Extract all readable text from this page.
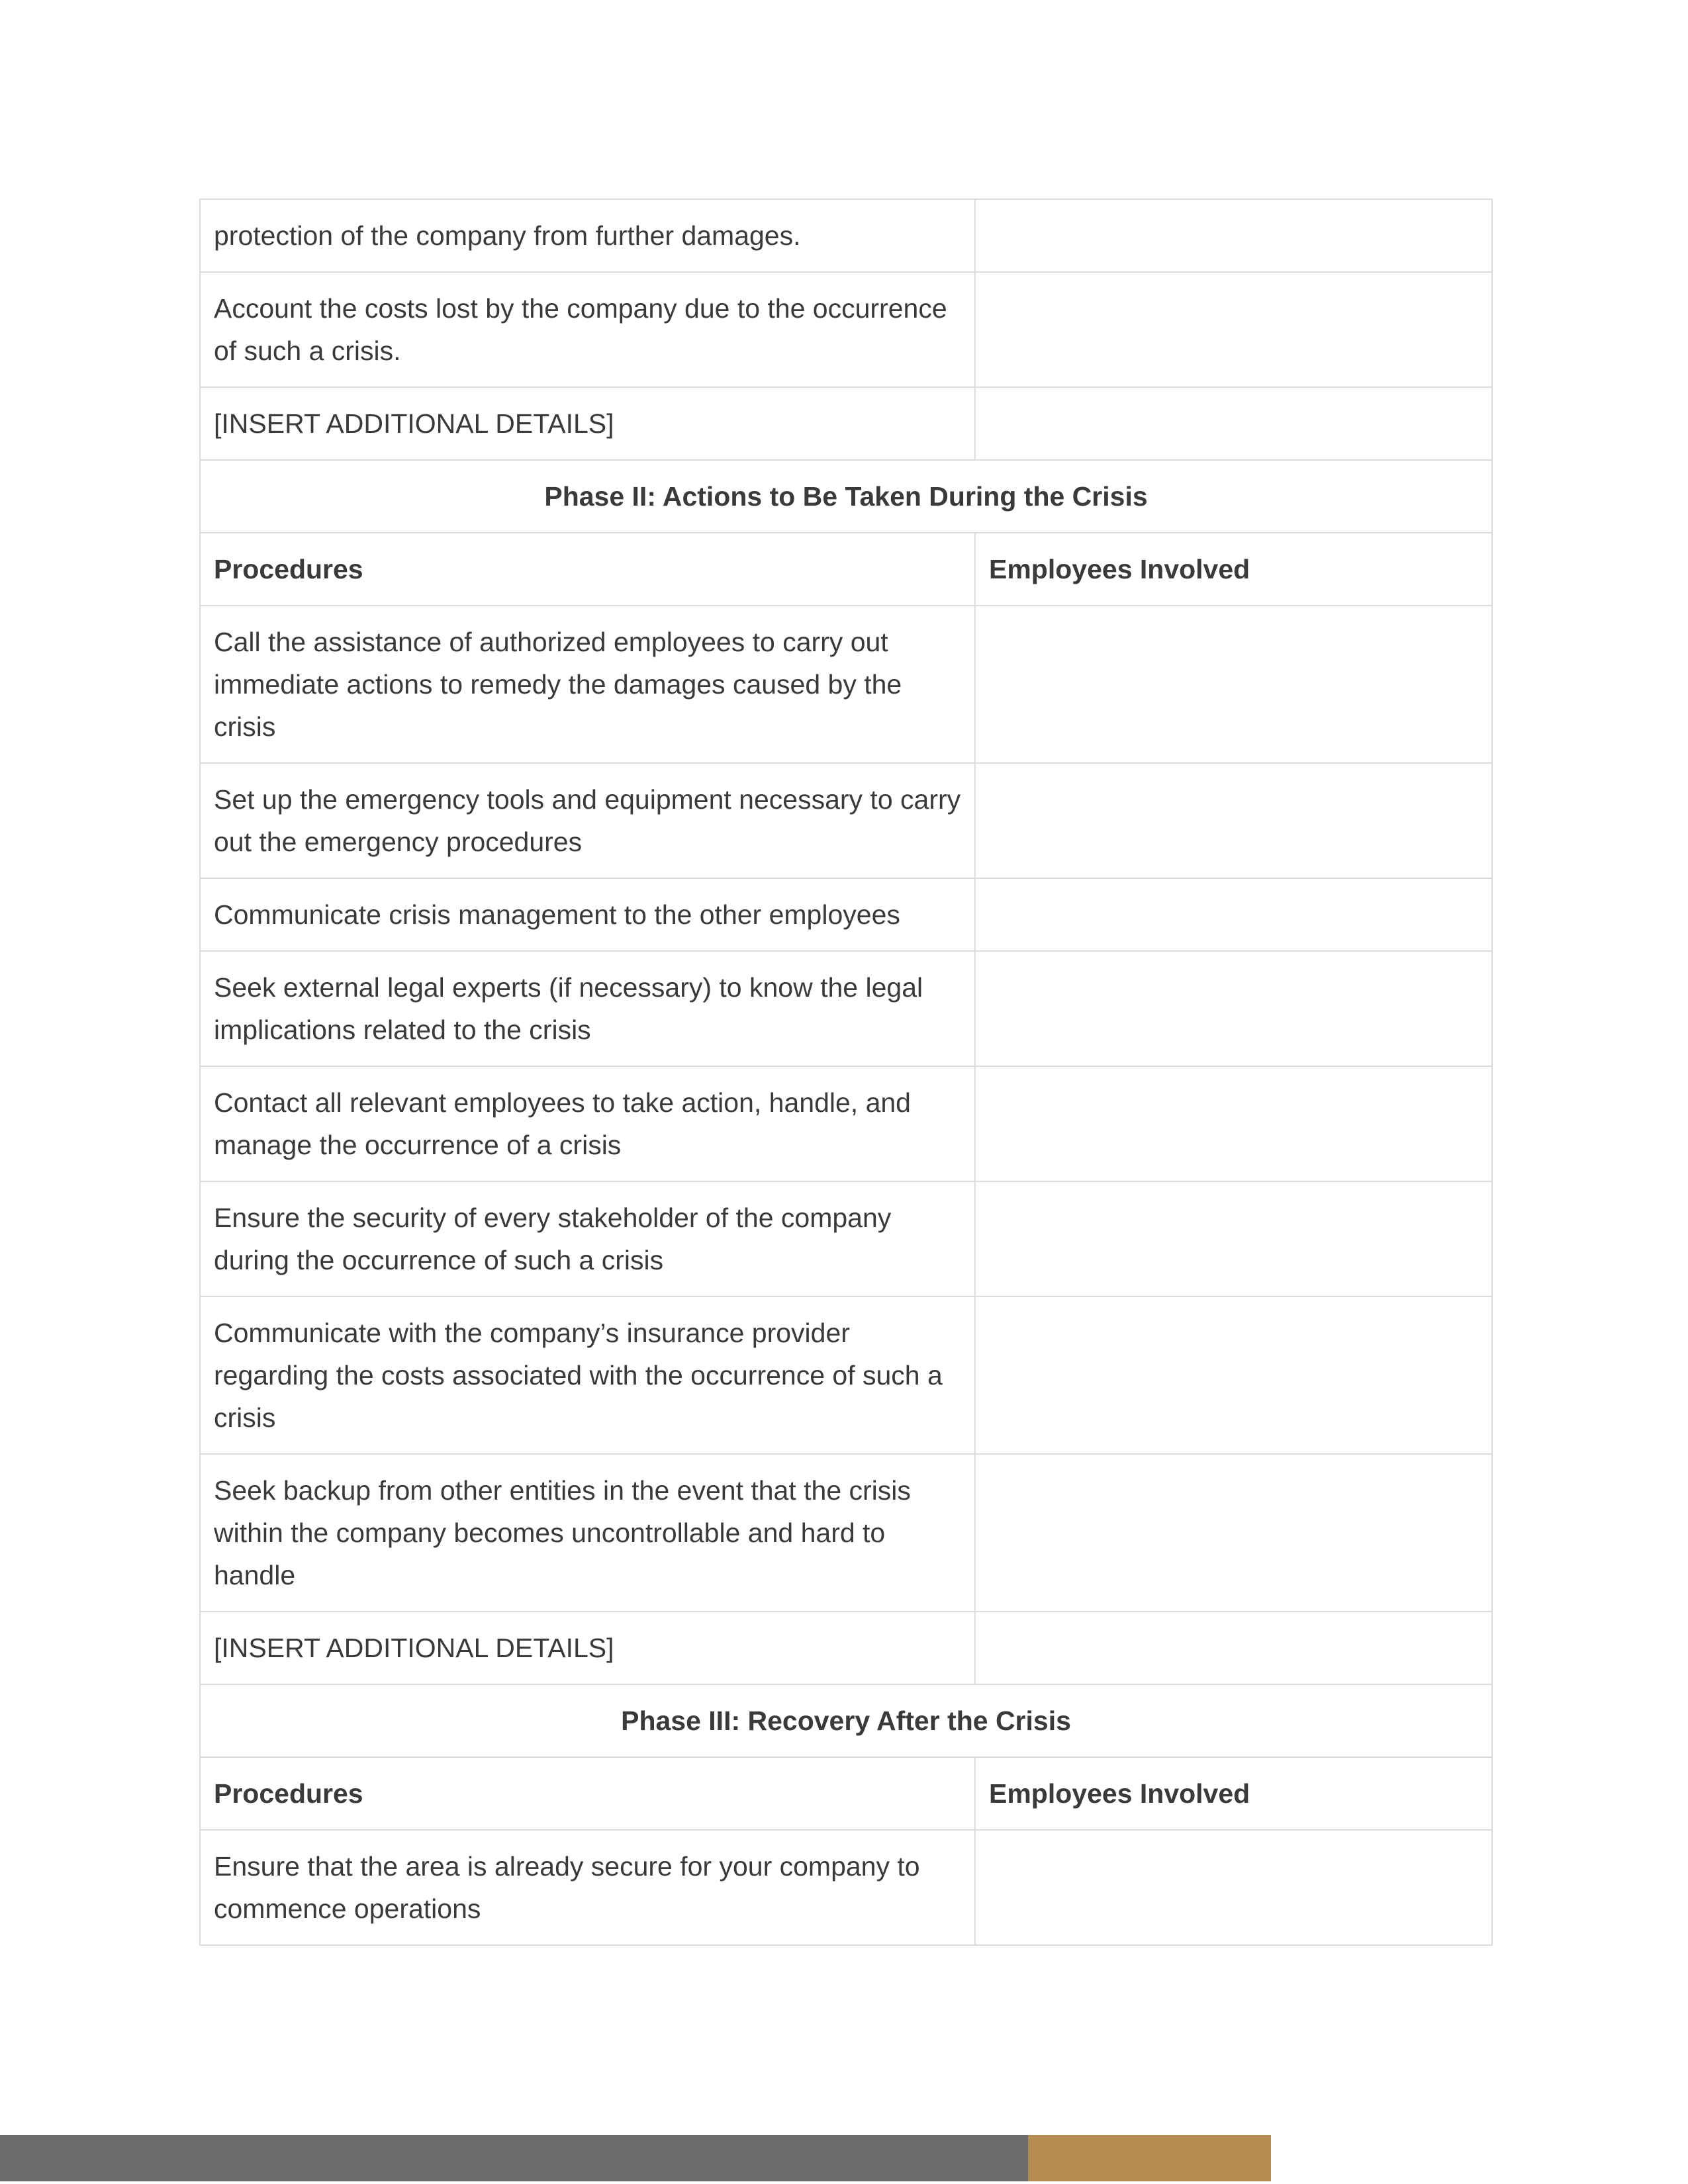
protection of the company from further damages.	
Account the costs lost by the company due to the occurrence of such a crisis.	
[INSERT ADDITIONAL DETAILS]	
Phase II: Actions to Be Taken During the Crisis	
Procedures	Employees Involved
Call the assistance of authorized employees to carry out immediate actions to remedy the damages caused by the crisis	
Set up the emergency tools and equipment necessary to carry out the emergency procedures	
Communicate crisis management to the other employees	
Seek external legal experts (if necessary) to know the legal implications related to the crisis	
Contact all relevant employees to take action, handle, and manage the occurrence of a crisis	
Ensure the security of every stakeholder of the company during the occurrence of such a crisis	
Communicate with the company’s insurance provider regarding the costs associated with the occurrence of such a crisis	
Seek backup from other entities in the event that the crisis within the company becomes uncontrollable and hard to handle	
[INSERT ADDITIONAL DETAILS]	
Phase III: Recovery After the Crisis	
Procedures	Employees Involved
Ensure that the area is already secure for your company to commence operations	
